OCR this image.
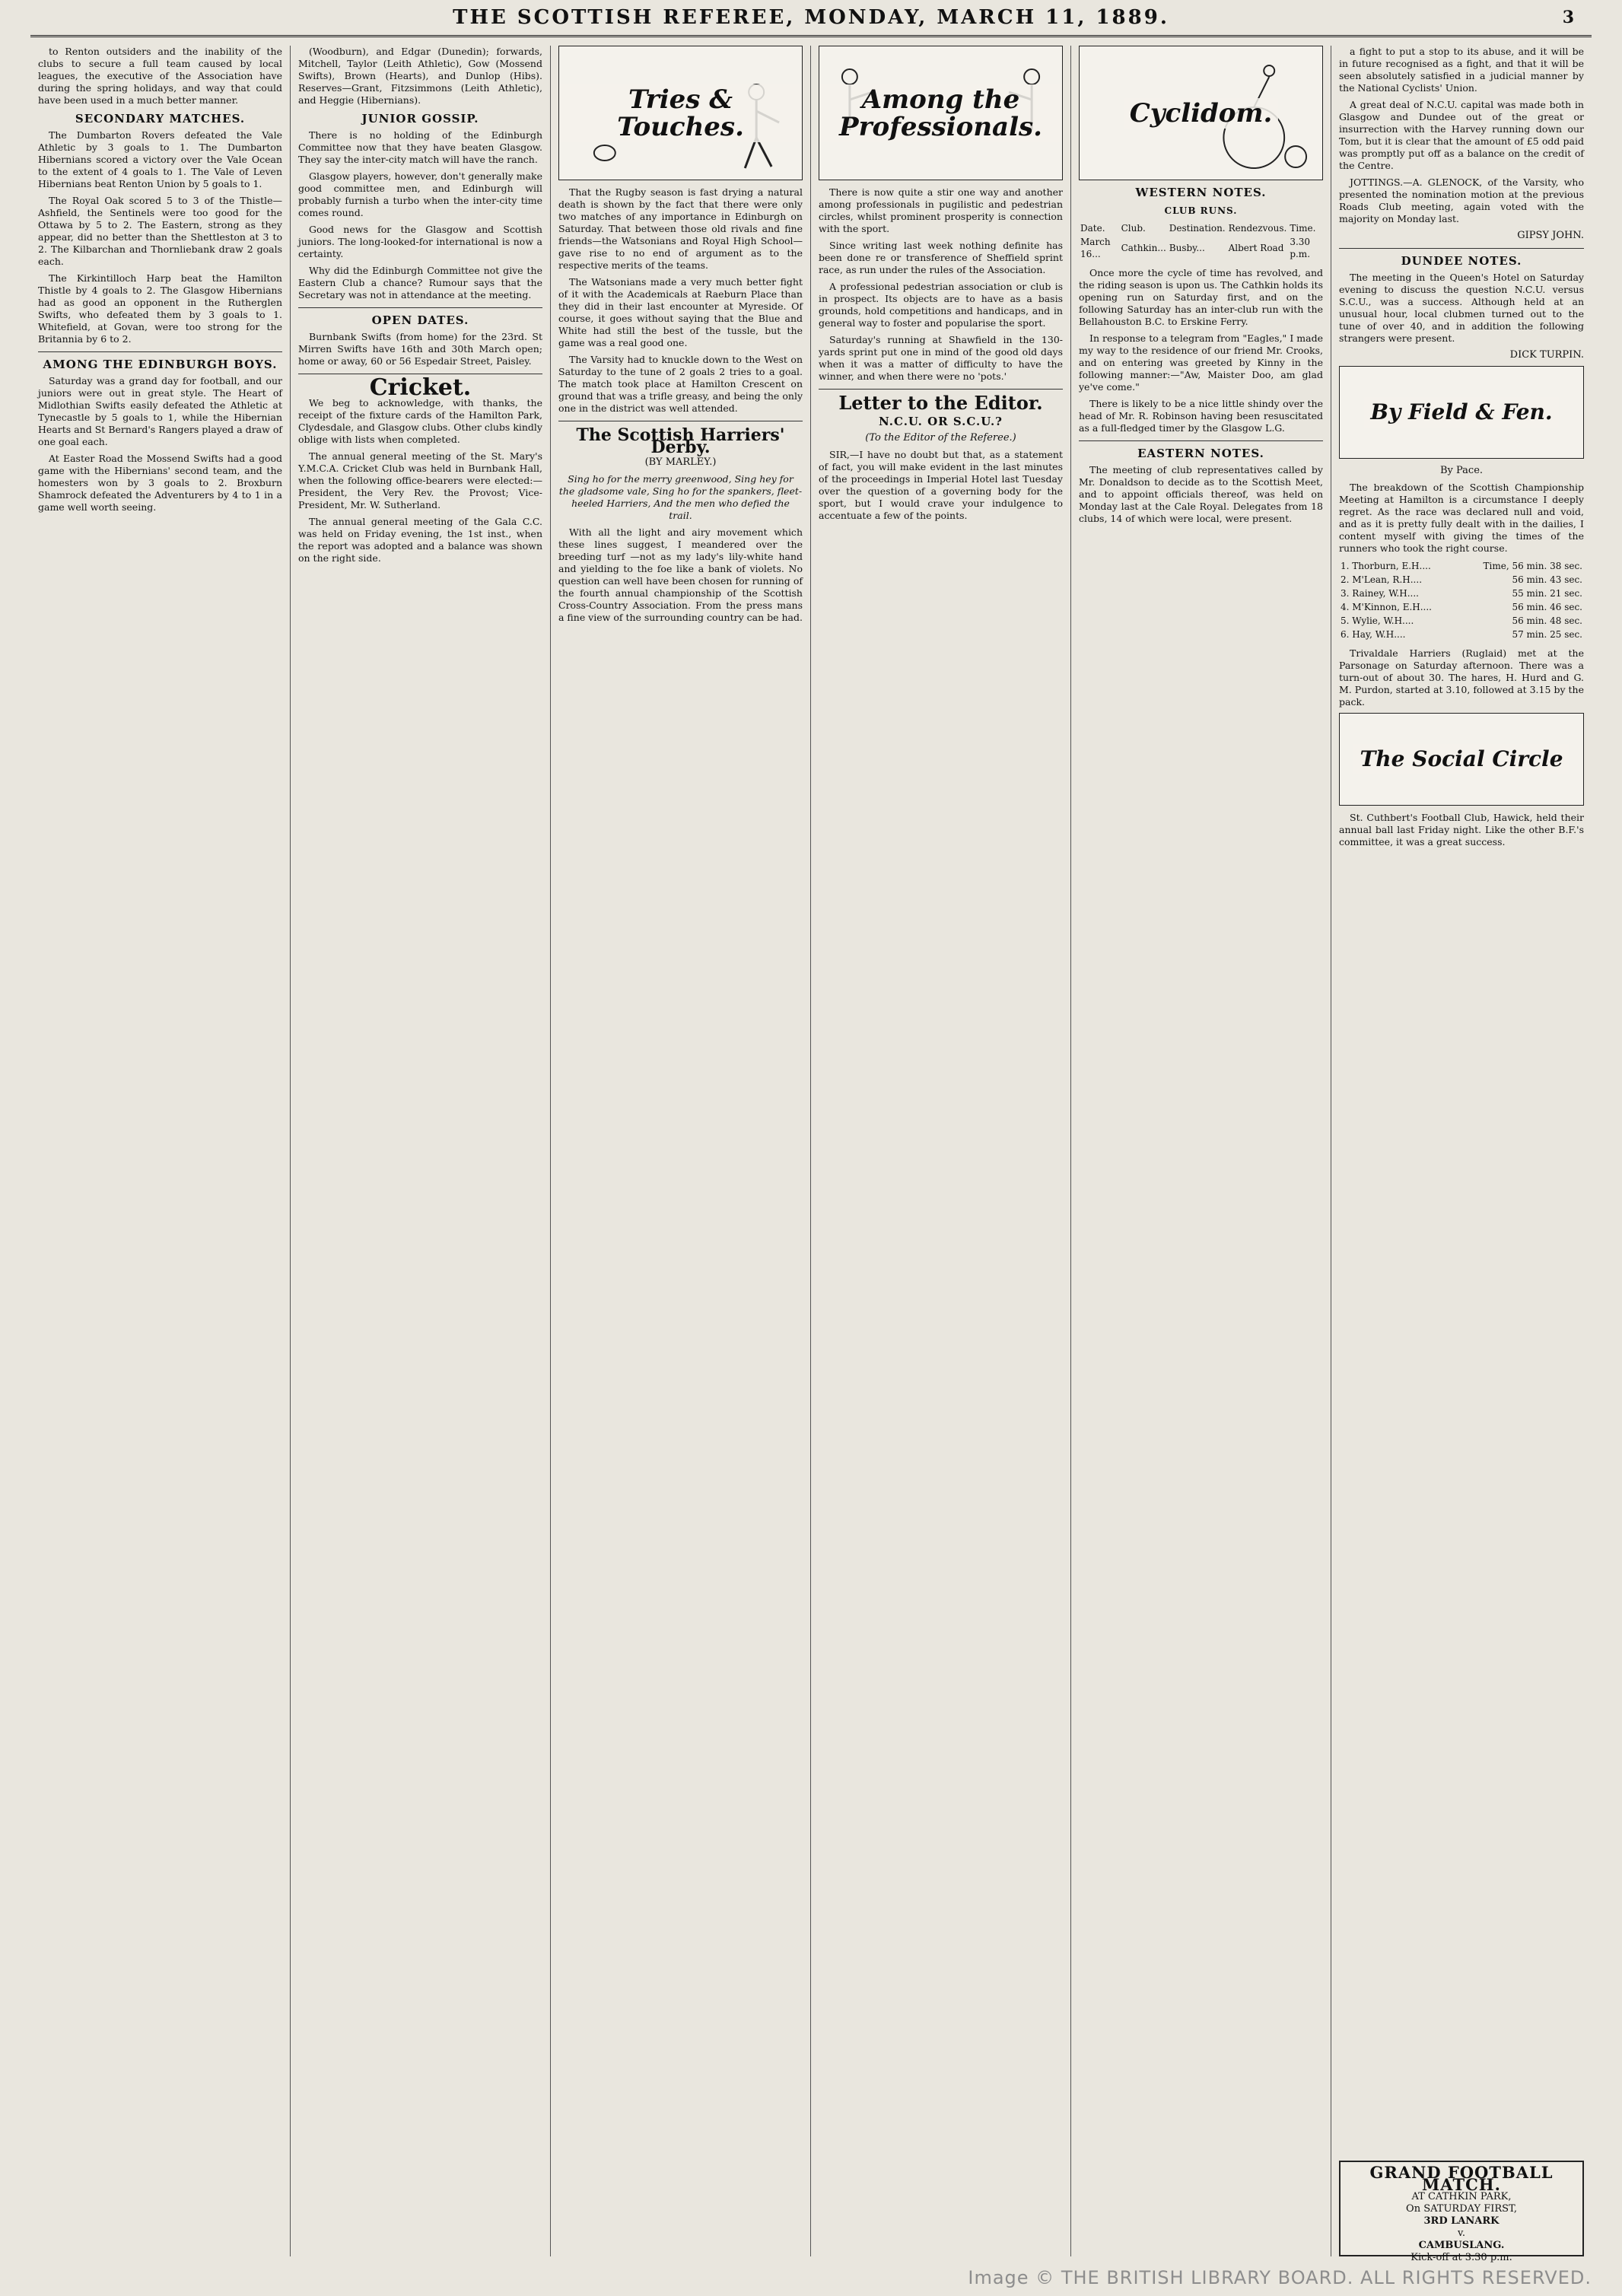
THE SCOTTISH REFEREE, MONDAY, MARCH 11, 1889.	3

to Renton outsiders and the inability of the clubs to secure a full team caused by local leagues, the executive of the Association have during the spring holidays, and way that could have been used in a much better manner.

SECONDARY MATCHES.

The Dumbarton Rovers defeated the Vale Athletic by 3 goals to 1. The Dumbarton Hibernians scored a victory over the Vale Ocean to the extent of 4 goals to 1. The Vale of Leven Hibernians beat Renton Union by 5 goals to 1.

The Royal Oak scored 5 to 3 of the Thistle—Ashfield, the Sentinels were too good for the Ottawa by 5 to 2. The Eastern, strong as they appear, did no better than the Shettleston at 3 to 2. The Kilbarchan and Thornliebank draw 2 goals each.

The Kirkintilloch Harp beat the Hamilton Thistle by 4 goals to 2. The Glasgow Hibernians had as good an opponent in the Rutherglen Swifts, who defeated them by 3 goals to 1. Whitefield, at Govan, were too strong for the Britannia by 6 to 2.

AMONG THE EDINBURGH BOYS.

Saturday was a grand day for football, and our juniors were out in great style. The Heart of Midlothian Swifts easily defeated the Athletic at Tynecastle by 5 goals to 1, while the Hibernian Hearts and St Bernard's Rangers played a draw of one goal each.

At Easter Road the Mossend Swifts had a good game with the Hibernians' second team, and the homesters won by 3 goals to 2. Broxburn Shamrock defeated the Adventurers by 4 to 1 in a game well worth seeing.

(Woodburn), and Edgar (Dunedin); forwards, Mitchell, Taylor (Leith Athletic), Gow (Mossend Swifts), Brown (Hearts), and Dunlop (Hibs). Reserves—Grant, Fitzsimmons (Leith Athletic), and Heggie (Hibernians).

JUNIOR GOSSIP.

There is no holding of the Edinburgh Committee now that they have beaten Glasgow. They say the inter-city match will have the ranch.

Glasgow players, however, don't generally make good committee men, and Edinburgh will probably furnish a turbo when the inter-city time comes round.

Good news for the Glasgow and Scottish juniors. The long-looked-for international is now a certainty.

Why did the Edinburgh Committee not give the Eastern Club a chance? Rumour says that the Secretary was not in attendance at the meeting.

OPEN DATES.

Burnbank Swifts (from home) for the 23rd. St Mirren Swifts have 16th and 30th March open; home or away, 60 or 56 Espedair Street, Paisley.

Cricket.

We beg to acknowledge, with thanks, the receipt of the fixture cards of the Hamilton Park, Clydesdale, and Glasgow clubs. Other clubs kindly oblige with lists when completed.

The annual general meeting of the St. Mary's Y.M.C.A. Cricket Club was held in Burnbank Hall, when the following office-bearers were elected:—President, the Very Rev. the Provost; Vice-President, Mr. W. Sutherland.

The annual general meeting of the Gala C.C. was held on Friday evening, the 1st inst., when the report was adopted and a balance was shown on the right side.

Tries & Touches.

That the Rugby season is fast drying a natural death is shown by the fact that there were only two matches of any importance in Edinburgh on Saturday. That between those old rivals and fine friends—the Watsonians and Royal High School—gave rise to no end of argument as to the respective merits of the teams.

The Watsonians made a very much better fight of it with the Academicals at Raeburn Place than they did in their last encounter at Myreside. Of course, it goes without saying that the Blue and White had still the best of the tussle, but the game was a real good one.

The Varsity had to knuckle down to the West on Saturday to the tune of 2 goals 2 tries to a goal. The match took place at Hamilton Crescent on ground that was a trifle greasy, and being the only one in the district was well attended.

The Scottish Harriers' Derby.
(BY MARLEY.)

Sing ho for the merry greenwood, Sing hey for the gladsome vale, Sing ho for the spankers, fleet-heeled Harriers, And the men who defied the trail.

With all the light and airy movement which these lines suggest, I meandered over the breeding turf —not as my lady's lily-white hand and yielding to the foe like a bank of violets. No question can well have been chosen for running of the fourth annual championship of the Scottish Cross-Country Association. From the press mans a fine view of the surrounding country can be had.

Among the Professionals.

There is now quite a stir one way and another among professionals in pugilistic and pedestrian circles, whilst prominent prosperity is connection with the sport.

Since writing last week nothing definite has been done re or transference of Sheffield sprint race, as run under the rules of the Association.

A professional pedestrian association or club is in prospect. Its objects are to have as a basis grounds, hold competitions and handicaps, and in general way to foster and popularise the sport.

Saturday's running at Shawfield in the 130-yards sprint put one in mind of the good old days when it was a matter of difficulty to have the winner, and when there were no 'pots.'

Letter to the Editor.
N.C.U. OR S.C.U.?
(To the Editor of the Referee.)

SIR,—I have no doubt but that, as a statement of fact, you will make evident in the last minutes of the proceedings in Imperial Hotel last Tuesday over the question of a governing body for the sport, but I would crave your indulgence to accentuate a few of the points.

Cyclidom.
WESTERN NOTES.
CLUB RUNS.
Date.	Club.	Destination.	Rendezvous.	Time.
March 16...	Cathkin...	Busby...	Albert Road	3.30 p.m.

Once more the cycle of time has revolved, and the riding season is upon us. The Cathkin holds its opening run on Saturday first, and on the following Saturday has an inter-club run with the Bellahouston B.C. to Erskine Ferry.

In response to a telegram from "Eagles," I made my way to the residence of our friend Mr. Crooks, and on entering was greeted by Kinny in the following manner:—"Aw, Maister Doo, am glad ye've come."

There is likely to be a nice little shindy over the head of Mr. R. Robinson having been resuscitated as a full-fledged timer by the Glasgow L.G.

EASTERN NOTES.

The meeting of club representatives called by Mr. Donaldson to decide as to the Scottish Meet, and to appoint officials thereof, was held on Monday last at the Cale Royal. Delegates from 18 clubs, 14 of which were local, were present.

a fight to put a stop to its abuse, and it will be in future recognised as a fight, and that it will be seen absolutely satisfied in a judicial manner by the National Cyclists' Union.

A great deal of N.C.U. capital was made both in Glasgow and Dundee out of the great or insurrection with the Harvey running down our Tom, but it is clear that the amount of £5 odd paid was promptly put off as a balance on the credit of the Centre.

JOTTINGS.—A. GLENOCK, of the Varsity, who presented the nomination motion at the previous Roads Club meeting, again voted with the majority on Monday last.

GIPSY JOHN.
DUNDEE NOTES.

The meeting in the Queen's Hotel on Saturday evening to discuss the question N.C.U. versus S.C.U., was a success. Although held at an unusual hour, local clubmen turned out to the tune of over 40, and in addition the following strangers were present.

DICK TURPIN.
By Field & Fen.
By Pace.

The breakdown of the Scottish Championship Meeting at Hamilton is a circumstance I deeply regret. As the race was declared null and void, and as it is pretty fully dealt with in the dailies, I content myself with giving the times of the runners who took the right course.

1. Thorburn, E.H....	Time, 56 min. 38 sec.
2. M'Lean, R.H....	56 min. 43 sec.
3. Rainey, W.H....	55 min. 21 sec.
4. M'Kinnon, E.H....	56 min. 46 sec.
5. Wylie, W.H....	56 min. 48 sec.
6. Hay, W.H....	57 min. 25 sec.

Trivaldale Harriers (Ruglaid) met at the Parsonage on Saturday afternoon. There was a turn-out of about 30. The hares, H. Hurd and G. M. Purdon, started at 3.10, followed at 3.15 by the pack.

The Social Circle

St. Cuthbert's Football Club, Hawick, held their annual ball last Friday night. Like the other B.F.'s committee, it was a great success.

GRAND FOOTBALL MATCH.
AT CATHKIN PARK,
On SATURDAY FIRST,
3RD LANARK
v.
CAMBUSLANG.
Kick-off at 3.30 p.m.
Image © THE BRITISH LIBRARY BOARD. ALL RIGHTS RESERVED.
